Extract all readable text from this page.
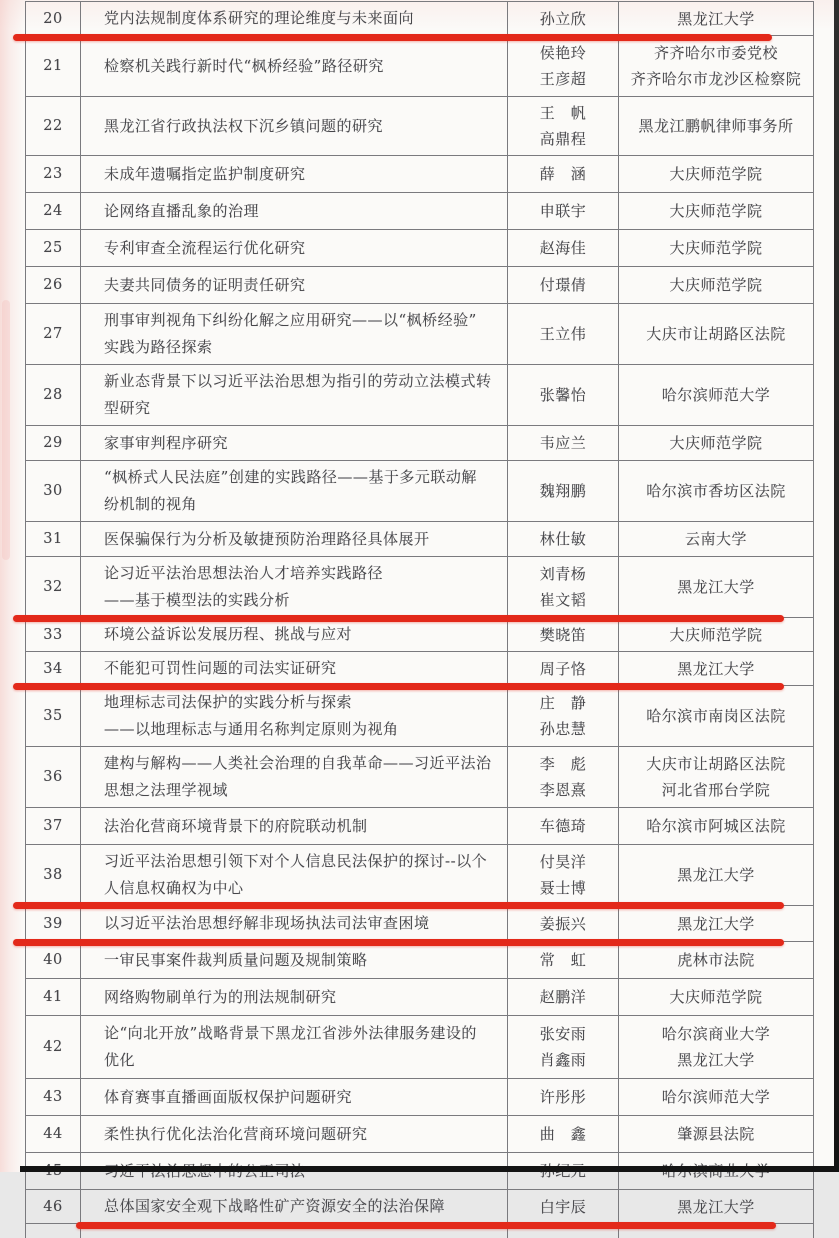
20	党内法规制度体系研究的理论维度与未来面向	孙立欣	黑龙江大学
21	检察机关践行新时代“枫桥经验”路径研究
侯艳玲
王彦超
齐齐哈尔市委党校
齐齐哈尔市龙沙区检察院
22	黑龙江省行政执法权下沉乡镇问题的研究
王　帆
高鼎程
黑龙江鹏帆律师事务所
23	未成年遗嘱指定监护制度研究	薛　涵	大庆师范学院
24	论网络直播乱象的治理	申联宇	大庆师范学院
25	专利审查全流程运行优化研究	赵海佳	大庆师范学院
26	夫妻共同债务的证明责任研究	付璟倩	大庆师范学院
27
刑事审判视角下纠纷化解之应用研究——以“枫桥经验”
实践为路径探索
王立伟	大庆市让胡路区法院
28
新业态背景下以习近平法治思想为指引的劳动立法模式转
型研究
张馨怡	哈尔滨师范大学
29	家事审判程序研究	韦应兰	大庆师范学院
30
“枫桥式人民法庭”创建的实践路径——基于多元联动解
纷机制的视角
魏翔鹏	哈尔滨市香坊区法院
31	医保骗保行为分析及敏捷预防治理路径具体展开	林仕敏	云南大学
32
论习近平法治思想法治人才培养实践路径
——基于模型法的实践分析
刘青杨
崔文韬
黑龙江大学
33	环境公益诉讼发展历程、挑战与应对	樊晓笛	大庆师范学院
34	不能犯可罚性问题的司法实证研究	周子恪	黑龙江大学
35
地理标志司法保护的实践分析与探索
——以地理标志与通用名称判定原则为视角
庄　静
孙忠慧
哈尔滨市南岗区法院
36
建构与解构——人类社会治理的自我革命——习近平法治
思想之法理学视域
李　彪
李恩熹
大庆市让胡路区法院
河北省邢台学院
37	法治化营商环境背景下的府院联动机制	车德琦	哈尔滨市阿城区法院
38
习近平法治思想引领下对个人信息民法保护的探讨--以个
人信息权确权为中心
付昊洋
聂士博
黑龙江大学
39	以习近平法治思想纾解非现场执法司法审查困境	姜振兴	黑龙江大学
40	一审民事案件裁判质量问题及规制策略	常　虹	虎林市法院
41	网络购物刷单行为的刑法规制研究	赵鹏洋	大庆师范学院
42
论“向北开放”战略背景下黑龙江省涉外法律服务建设的
优化
张安雨
肖鑫雨
哈尔滨商业大学
黑龙江大学
43	体育赛事直播画面版权保护问题研究	许彤彤	哈尔滨师范大学
44	柔性执行优化法治化营商环境问题研究	曲　鑫	肇源县法院
46	总体国家安全观下战略性矿产资源安全的法治保障	白宇辰	黑龙江大学
